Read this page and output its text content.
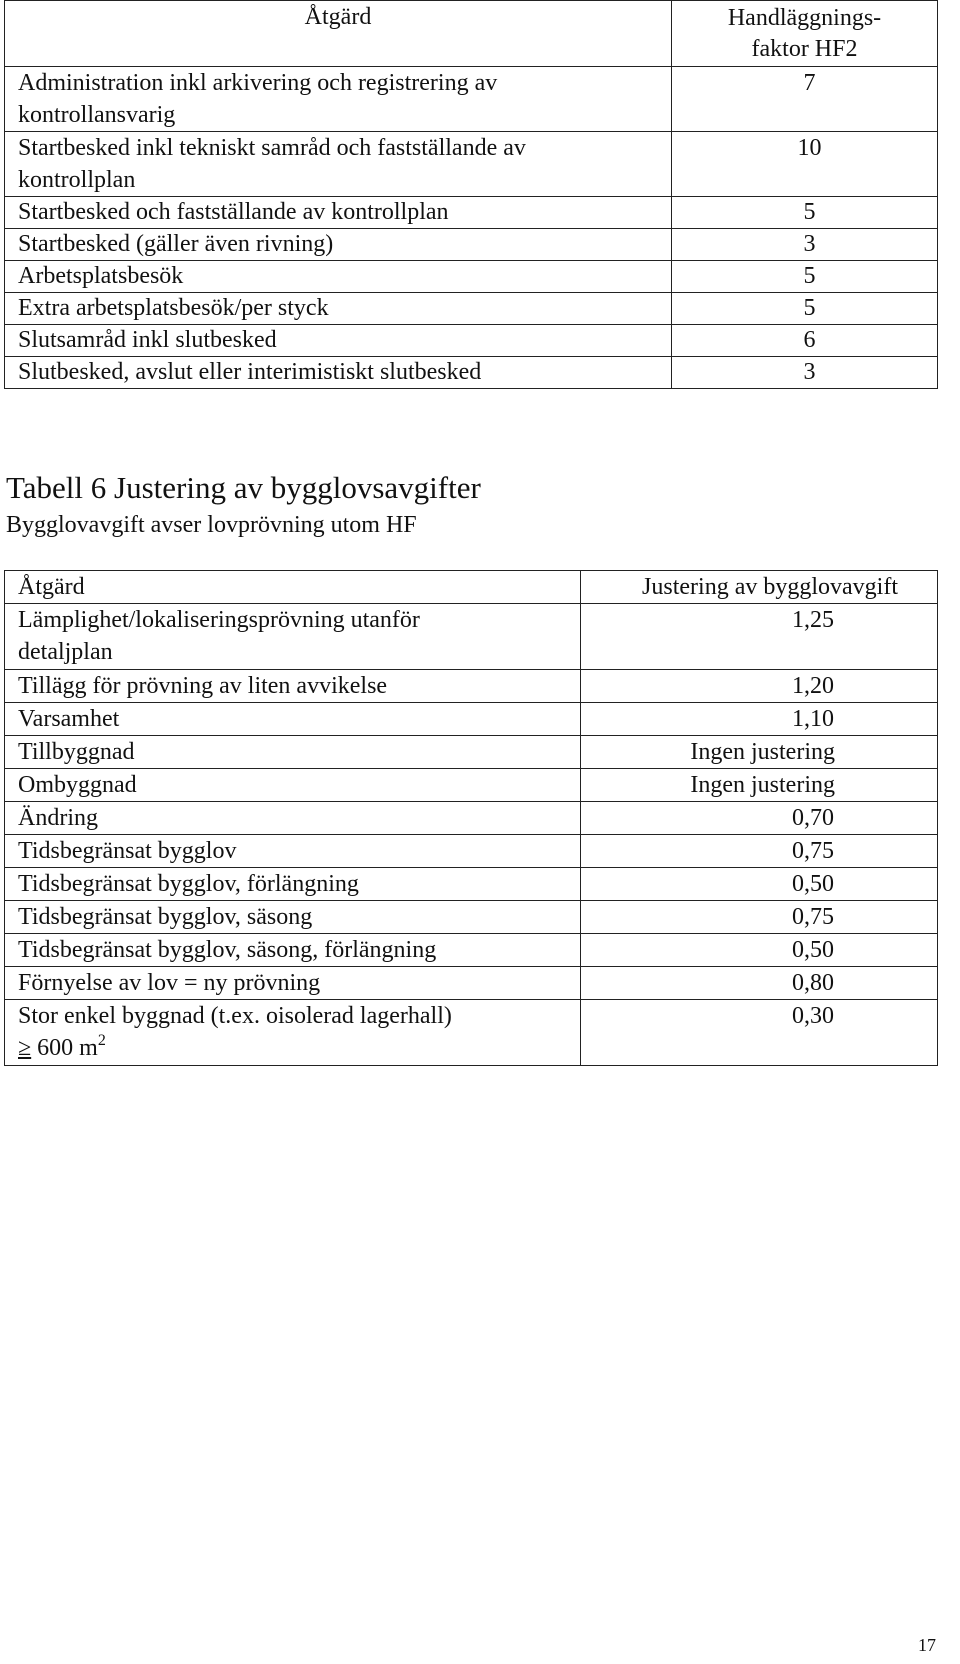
Åtgärd	Handläggnings-
faktor HF2
Administration inkl arkivering och registrering av
kontrollansvarig	7
Startbesked inkl tekniskt samråd och fastställande av
kontrollplan	10
Startbesked och fastställande av kontrollplan	5
Startbesked (gäller även rivning)	3
Arbetsplatsbesök	5
Extra arbetsplatsbesök/per styck	5
Slutsamråd inkl slutbesked	6
Slutbesked, avslut eller interimistiskt slutbesked	3
Tabell 6 Justering av bygglovsavgifter
Bygglovavgift avser lovprövning utom HF
Åtgärd	Justering av bygglovavgift
Lämplighet/lokaliseringsprövning utanför
detaljplan	1,25
Tillägg för prövning av liten avvikelse	1,20
Varsamhet	1,10
Tillbyggnad	Ingen justering
Ombyggnad	Ingen justering
Ändring	0,70
Tidsbegränsat bygglov	0,75
Tidsbegränsat bygglov, förlängning	0,50
Tidsbegränsat bygglov, säsong	0,75
Tidsbegränsat bygglov, säsong, förlängning	0,50
Förnyelse av lov = ny prövning	0,80
Stor enkel byggnad (t.ex. oisolerad lagerhall)
≥ 600 $m^2$	0,30
17
